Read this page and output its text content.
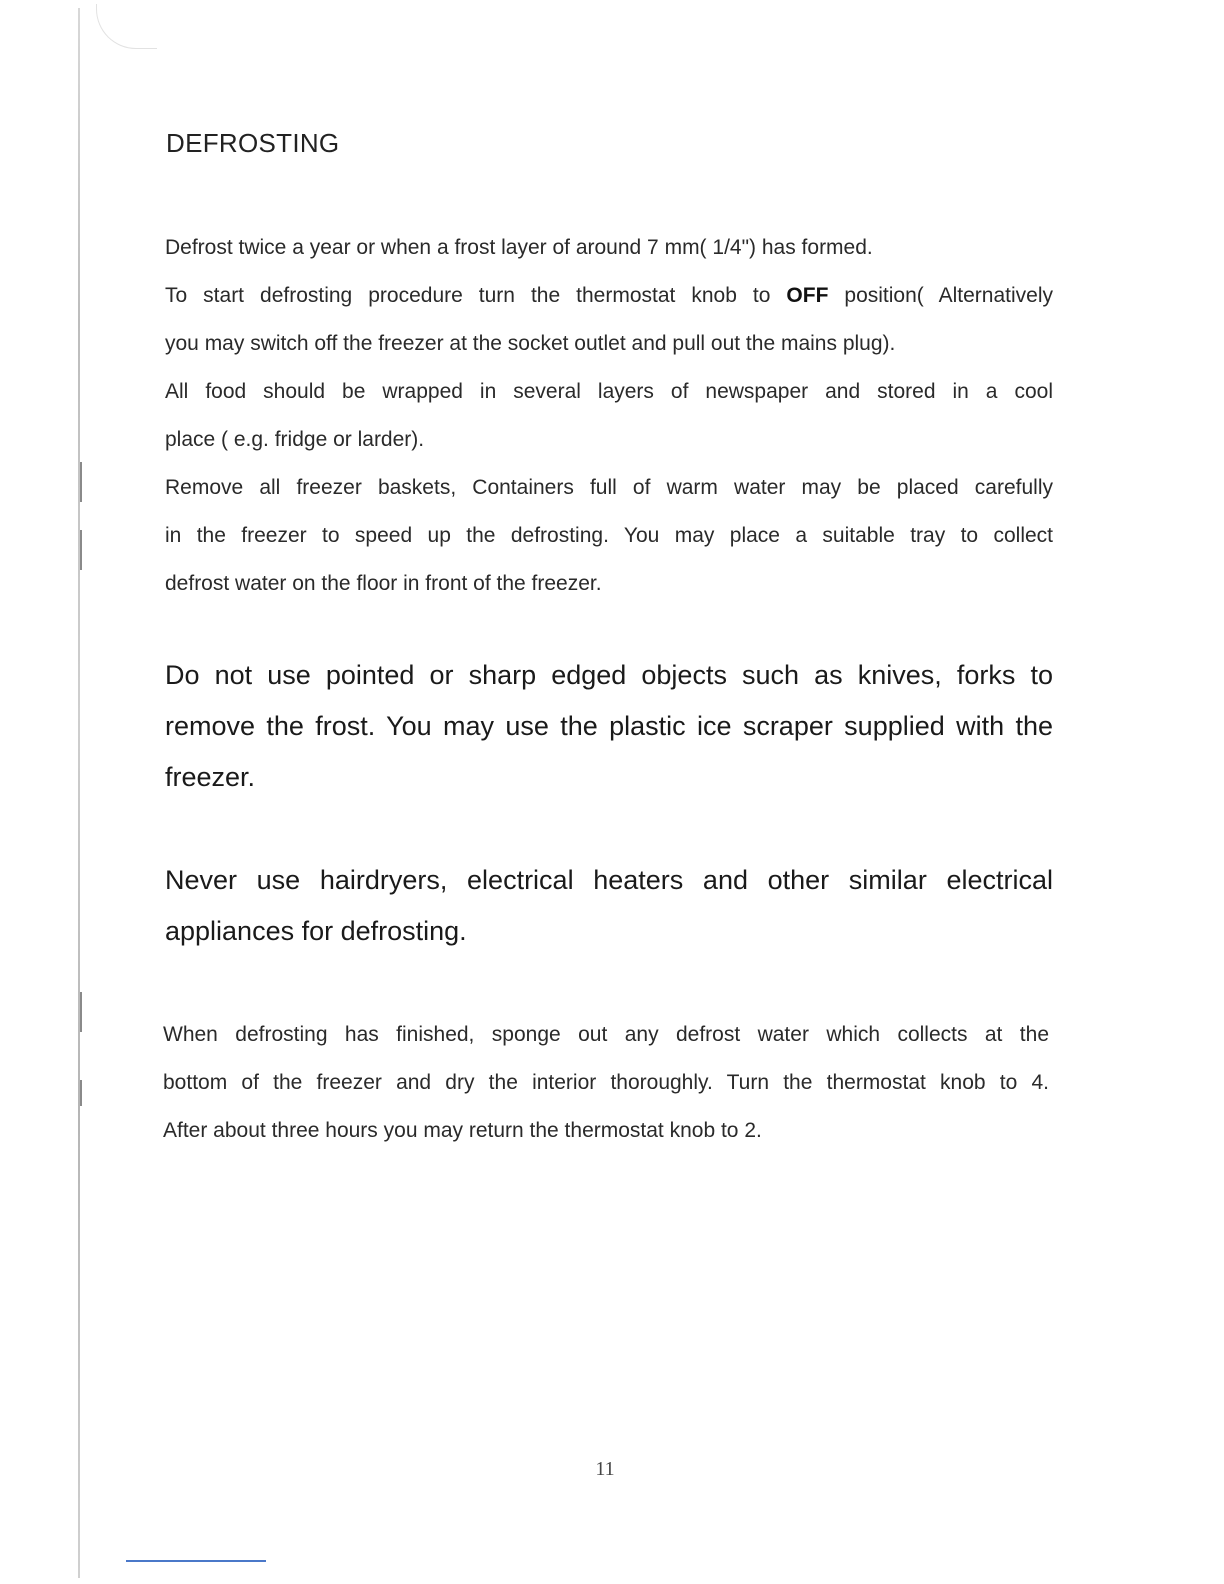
DEFROSTING
Defrost twice a year or when a frost layer of around 7 mm( 1/4") has formed.
To start defrosting procedure turn the thermostat knob to OFF position( Alternatively
you may switch off the freezer at the socket outlet and pull out the mains plug).
All food should be wrapped in several layers of newspaper and stored in a cool
place ( e.g. fridge or larder).
Remove all freezer baskets, Containers full of warm water may be placed carefully
in the freezer to speed up the defrosting. You may place a suitable tray to collect
defrost water on the floor in front of the freezer.
Do not use pointed or sharp edged objects such as knives, forks to
remove the frost. You may use the plastic ice scraper supplied with the
freezer.
Never use hairdryers, electrical heaters and other similar electrical
appliances for defrosting.
When defrosting has finished, sponge out any defrost water which collects at the
bottom of the freezer and dry the interior thoroughly. Turn the thermostat knob to 4.
After about three hours you may return the thermostat knob to 2.
11
